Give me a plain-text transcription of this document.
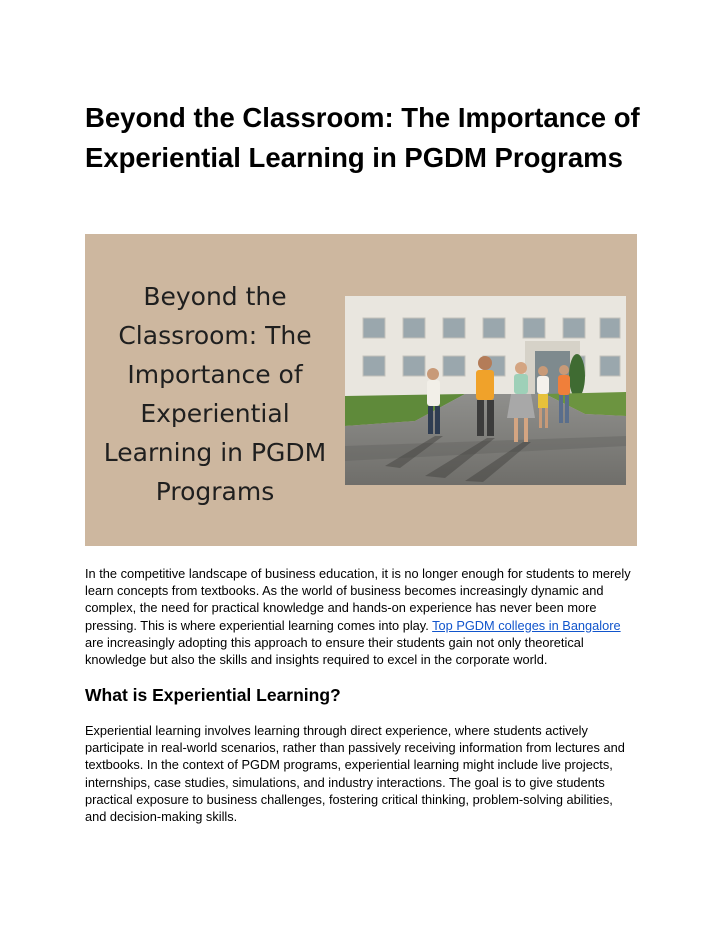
Beyond the Classroom: The Importance of Experiential Learning in PGDM Programs
Beyond the
Classroom: The
Importance of
Experiential
Learning in PGDM
Programs

In the competitive landscape of business education, it is no longer enough for students to merely learn concepts from textbooks. As the world of business becomes increasingly dynamic and complex, the need for practical knowledge and hands-on experience has never been more pressing. This is where experiential learning comes into play. Top PGDM colleges in Bangalore are increasingly adopting this approach to ensure their students gain not only theoretical knowledge but also the skills and insights required to excel in the corporate world.

What is Experiential Learning?

Experiential learning involves learning through direct experience, where students actively participate in real-world scenarios, rather than passively receiving information from lectures and textbooks. In the context of PGDM programs, experiential learning might include live projects, internships, case studies, simulations, and industry interactions. The goal is to give students practical exposure to business challenges, fostering critical thinking, problem-solving abilities, and decision-making skills.
